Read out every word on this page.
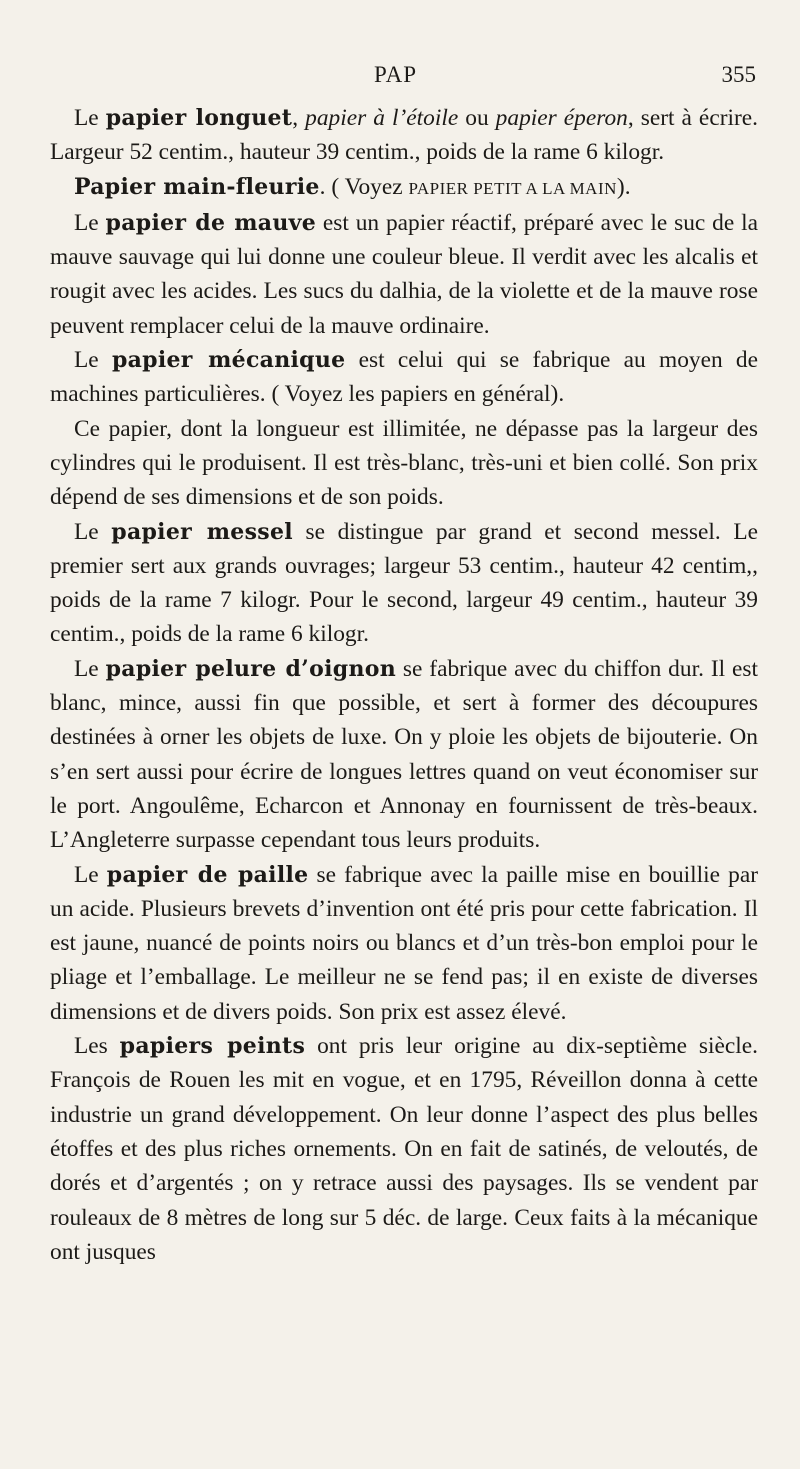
PAP	355

Le papier longuet, papier à l’étoile ou papier éperon, sert à écrire. Largeur 52 centim., hauteur 39 centim., poids de la rame 6 kilogr.

Papier main-fleurie. ( Voyez PAPIER PETIT A LA MAIN).

Le papier de mauve est un papier réactif, préparé avec le suc de la mauve sauvage qui lui donne une couleur bleue. Il verdit avec les alcalis et rougit avec les acides. Les sucs du dalhia, de la violette et de la mauve rose peuvent remplacer celui de la mauve ordinaire.

Le papier mécanique est celui qui se fabrique au moyen de machines particulières. ( Voyez les papiers en général).

Ce papier, dont la longueur est illimitée, ne dépasse pas la largeur des cylindres qui le produisent. Il est très-blanc, très-uni et bien collé. Son prix dépend de ses dimensions et de son poids.

Le papier messel se distingue par grand et second messel. Le premier sert aux grands ouvrages; largeur 53 centim., hauteur 42 centim,, poids de la rame 7 kilogr. Pour le second, largeur 49 centim., hauteur 39 centim., poids de la rame 6 kilogr.

Le papier pelure d’oignon se fabrique avec du chiffon dur. Il est blanc, mince, aussi fin que possible, et sert à former des découpures destinées à orner les objets de luxe. On y ploie les objets de bijouterie. On s’en sert aussi pour écrire de longues lettres quand on veut économiser sur le port. Angoulême, Echarcon et Annonay en fournissent de très-beaux. L’Angleterre surpasse cependant tous leurs produits.

Le papier de paille se fabrique avec la paille mise en bouillie par un acide. Plusieurs brevets d’invention ont été pris pour cette fabrication. Il est jaune, nuancé de points noirs ou blancs et d’un très-bon emploi pour le pliage et l’emballage. Le meilleur ne se fend pas; il en existe de diverses dimensions et de divers poids. Son prix est assez élevé.

Les papiers peints ont pris leur origine au dix-septième siècle. François de Rouen les mit en vogue, et en 1795, Réveillon donna à cette industrie un grand développement. On leur donne l’aspect des plus belles étoffes et des plus riches ornements. On en fait de satinés, de veloutés, de dorés et d’argentés ; on y retrace aussi des paysages. Ils se vendent par rouleaux de 8 mètres de long sur 5 déc. de large. Ceux faits à la mécanique ont jusques
